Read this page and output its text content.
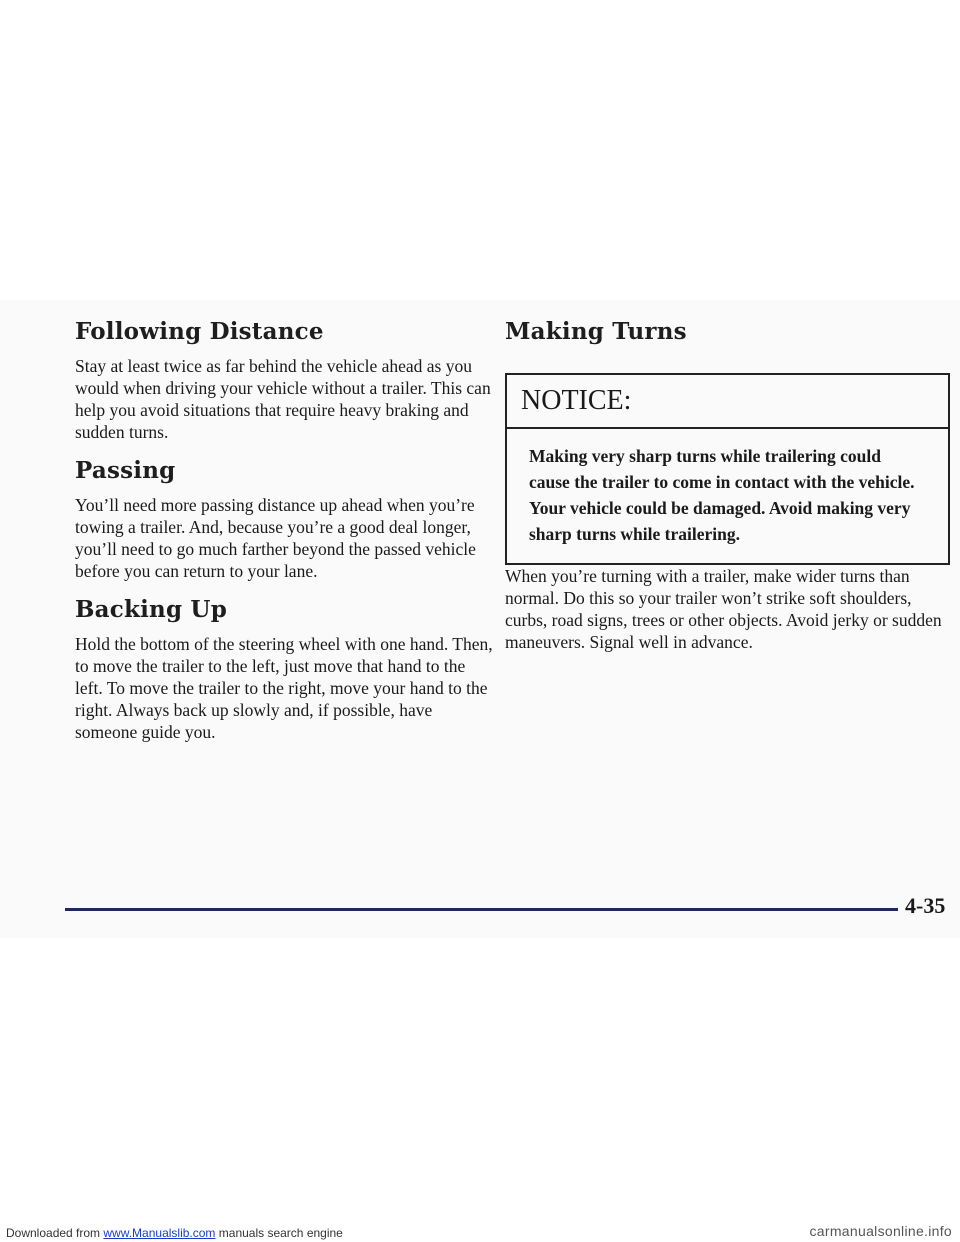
Following Distance

Stay at least twice as far behind the vehicle ahead as you would when driving your vehicle without a trailer. This can help you avoid situations that require heavy braking and sudden turns.

Passing

You’ll need more passing distance up ahead when you’re towing a trailer. And, because you’re a good deal longer, you’ll need to go much farther beyond the passed vehicle before you can return to your lane.

Backing Up

Hold the bottom of the steering wheel with one hand. Then, to move the trailer to the left, just move that hand to the left. To move the trailer to the right, move your hand to the right. Always back up slowly and, if possible, have someone guide you.

Making Turns
NOTICE:
Making very sharp turns while trailering could cause the trailer to come in contact with the vehicle. Your vehicle could be damaged. Avoid making very sharp turns while trailering.

When you’re turning with a trailer, make wider turns than normal. Do this so your trailer won’t strike soft shoulders, curbs, road signs, trees or other objects. Avoid jerky or sudden maneuvers. Signal well in advance.

4-35
Downloaded from www.Manualslib.com manuals search engine	carmanualsonline.info
